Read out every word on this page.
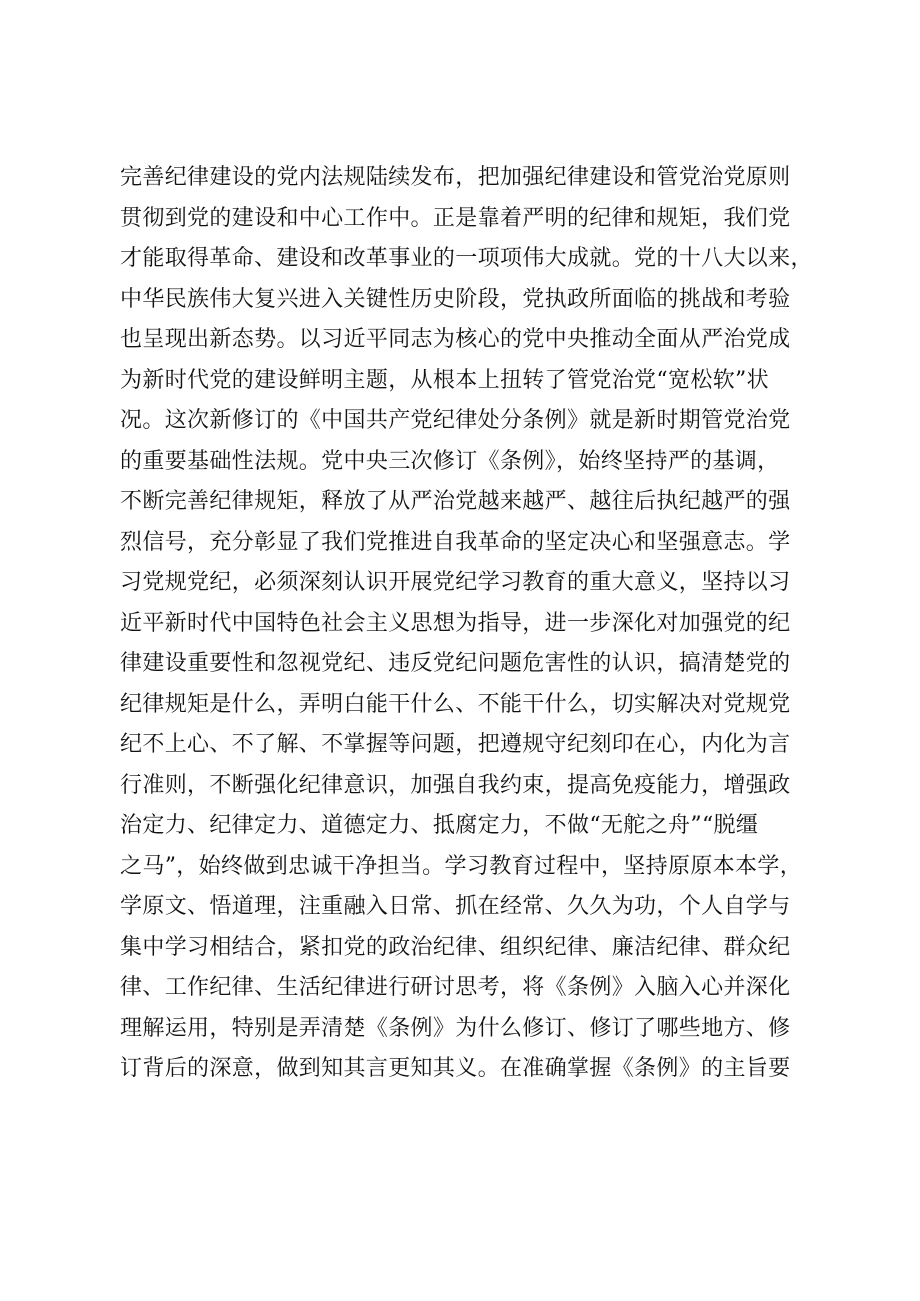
完善纪律建设的党内法规陆续发布，把加强纪律建设和管党治党原则
贯彻到党的建设和中心工作中。正是靠着严明的纪律和规矩，我们党
才能取得革命、建设和改革事业的一项项伟大成就。党的十八大以来，
中华民族伟大复兴进入关键性历史阶段，党执政所面临的挑战和考验
也呈现出新态势。以习近平同志为核心的党中央推动全面从严治党成
为新时代党的建设鲜明主题，从根本上扭转了管党治党“宽松软”状
况。这次新修订的《中国共产党纪律处分条例》就是新时期管党治党
的重要基础性法规。党中央三次修订《条例》，始终坚持严的基调，
不断完善纪律规矩，释放了从严治党越来越严、越往后执纪越严的强
烈信号，充分彰显了我们党推进自我革命的坚定决心和坚强意志。学
习党规党纪，必须深刻认识开展党纪学习教育的重大意义，坚持以习
近平新时代中国特色社会主义思想为指导，进一步深化对加强党的纪
律建设重要性和忽视党纪、违反党纪问题危害性的认识，搞清楚党的
纪律规矩是什么，弄明白能干什么、不能干什么，切实解决对党规党
纪不上心、不了解、不掌握等问题，把遵规守纪刻印在心，内化为言
行准则，不断强化纪律意识，加强自我约束，提高免疫能力，增强政
治定力、纪律定力、道德定力、抵腐定力，不做“无舵之舟”“脱缰
之马”，始终做到忠诚干净担当。学习教育过程中，坚持原原本本学，
学原文、悟道理，注重融入日常、抓在经常、久久为功，个人自学与
集中学习相结合，紧扣党的政治纪律、组织纪律、廉洁纪律、群众纪
律、工作纪律、生活纪律进行研讨思考，将《条例》入脑入心并深化
理解运用，特别是弄清楚《条例》为什么修订、修订了哪些地方、修
订背后的深意，做到知其言更知其义。在准确掌握《条例》的主旨要
